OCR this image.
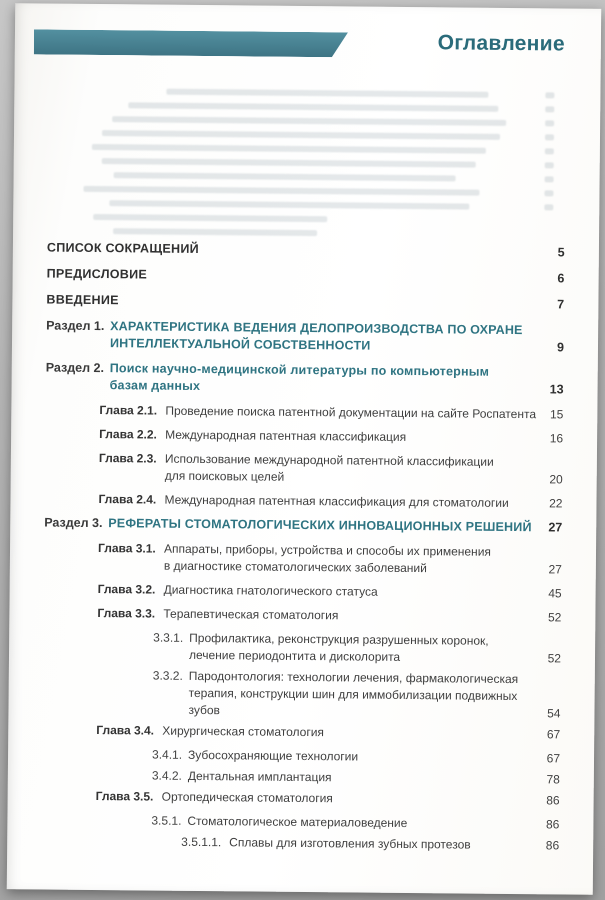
Оглавление
СПИСОК СОКРАЩЕНИЙ	5
ПРЕДИСЛОВИЕ	6
ВВЕДЕНИЕ	7
Раздел 1. ХАРАКТЕРИСТИКА ВЕДЕНИЯ ДЕЛОПРОИЗВОДСТВА ПО ОХРАНЕ
ИНТЕЛЛЕКТУАЛЬНОЙ СОБСТВЕННОСТИ	9
Раздел 2. Поиск научно-медицинской литературы по компьютерным
базам данных	13
Глава 2.1. Проведение поиска патентной документации на сайте Роспатента	15
Глава 2.2. Международная патентная классификация	16
Глава 2.3. Использование международной патентной классификации
для поисковых целей	20
Глава 2.4. Международная патентная классификация для стоматологии	22
Раздел 3. РЕФЕРАТЫ СТОМАТОЛОГИЧЕСКИХ ИННОВАЦИОННЫХ РЕШЕНИЙ	27
Глава 3.1. Аппараты, приборы, устройства и способы их применения
в диагностике стоматологических заболеваний	27
Глава 3.2. Диагностика гнатологического статуса	45
Глава 3.3. Терапевтическая стоматология	52
3.3.1. Профилактика, реконструкция разрушенных коронок,
лечение периодонтита и дисколорита	52
3.3.2. Пародонтология: технологии лечения, фармакологическая
терапия, конструкции шин для иммобилизации подвижных
зубов	54
Глава 3.4. Хирургическая стоматология	67
3.4.1. Зубосохраняющие технологии	67
3.4.2. Дентальная имплантация	78
Глава 3.5. Ортопедическая стоматология	86
3.5.1. Стоматологическое материаловедение	86
3.5.1.1. Сплавы для изготовления зубных протезов	86
